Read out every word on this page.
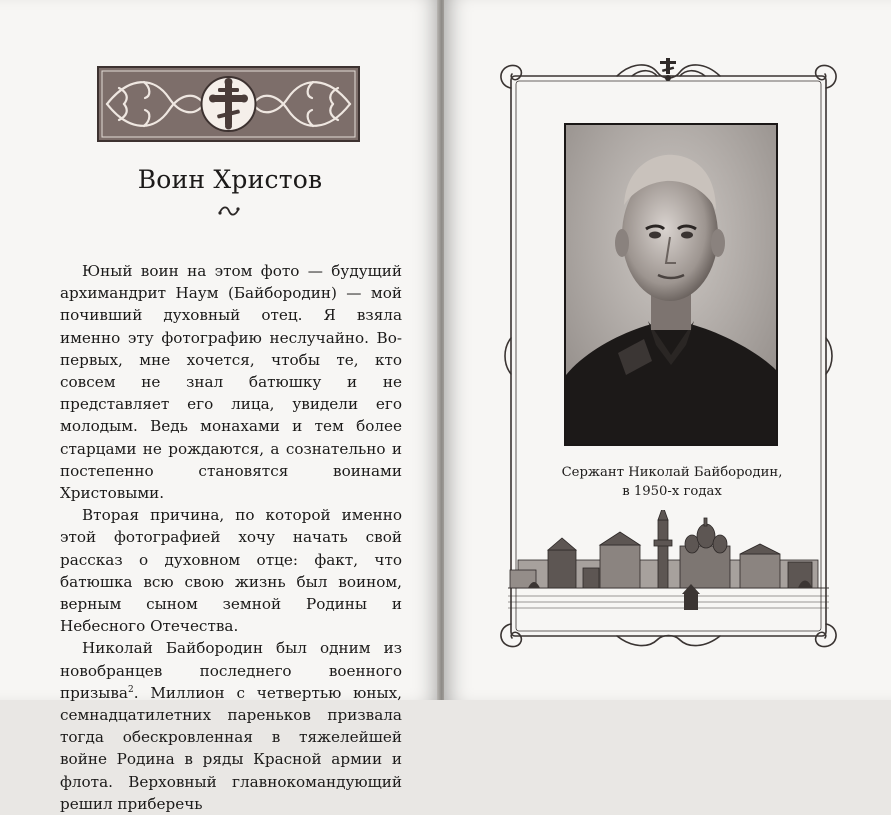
Воин Христов

Юный воин на этом фото — будущий архимандрит Наум (Байбородин) — мой почивший духовный отец. Я взяла именно эту фотографию неслучайно. Во-первых, мне хочется, чтобы те, кто совсем не знал батюшку и не представляет его лица, увидели его молодым. Ведь монахами и тем более старцами не рождаются, а сознательно и постепенно становятся воинами Христовыми.

Вторая причина, по которой именно этой фотографией хочу начать свой рассказ о духовном отце: факт, что батюшка всю свою жизнь был воином, верным сыном земной Родины и Небесного Отечества.

Николай Байбородин был одним из новобранцев последнего военного призыва$^2$. Миллион с четвертью юных, семнадцатилетних пареньков призвала тогда обескровленная в тяжелейшей войне Родина в ряды Красной армии и флота. Верховный главнокомандующий решил приберечь

Сержант Николай Байбородин,
в 1950-х годах
